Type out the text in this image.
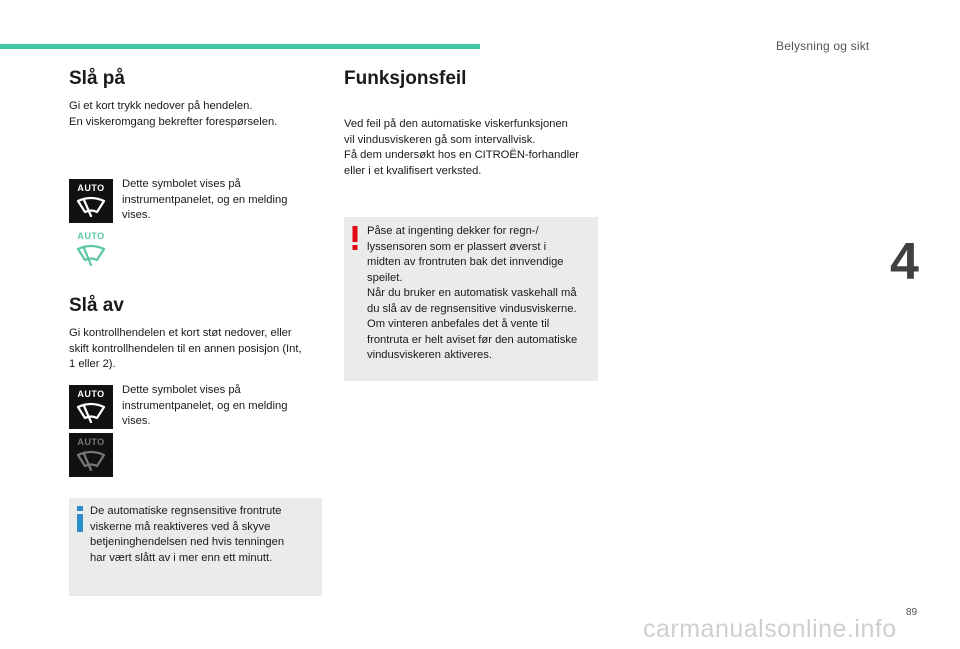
Belysning og sikt
4
89
carmanualsonline.info
Slå på
Gi et kort trykk nedover på hendelen.
En viskeromgang bekrefter forespørselen.
AUTO
AUTO
Dette symbolet vises på
instrumentpanelet, og en melding
vises.
Slå av
Gi kontrollhendelen et kort støt nedover, eller
skift kontrollhendelen til en annen posisjon (Int,
1 eller 2).
AUTO
AUTO
Dette symbolet vises på
instrumentpanelet, og en melding
vises.
De automatiske regnsensitive frontrute
viskerne må reaktiveres ved å skyve
betjeninghendelsen ned hvis tenningen
har vært slått av i mer enn ett minutt.
Funksjonsfeil
Ved feil på den automatiske viskerfunksjonen
vil vindusviskeren gå som intervallvisk.
Få dem undersøkt hos en CITROËN-forhandler
eller i et kvalifisert verksted.
Påse at ingenting dekker for regn-/
lyssensoren som er plassert øverst i
midten av frontruten bak det innvendige
speilet.
Når du bruker en automatisk vaskehall må
du slå av de regnsensitive vindusviskerne.
Om vinteren anbefales det å vente til
frontruta er helt aviset før den automatiske
vindusviskeren aktiveres.
